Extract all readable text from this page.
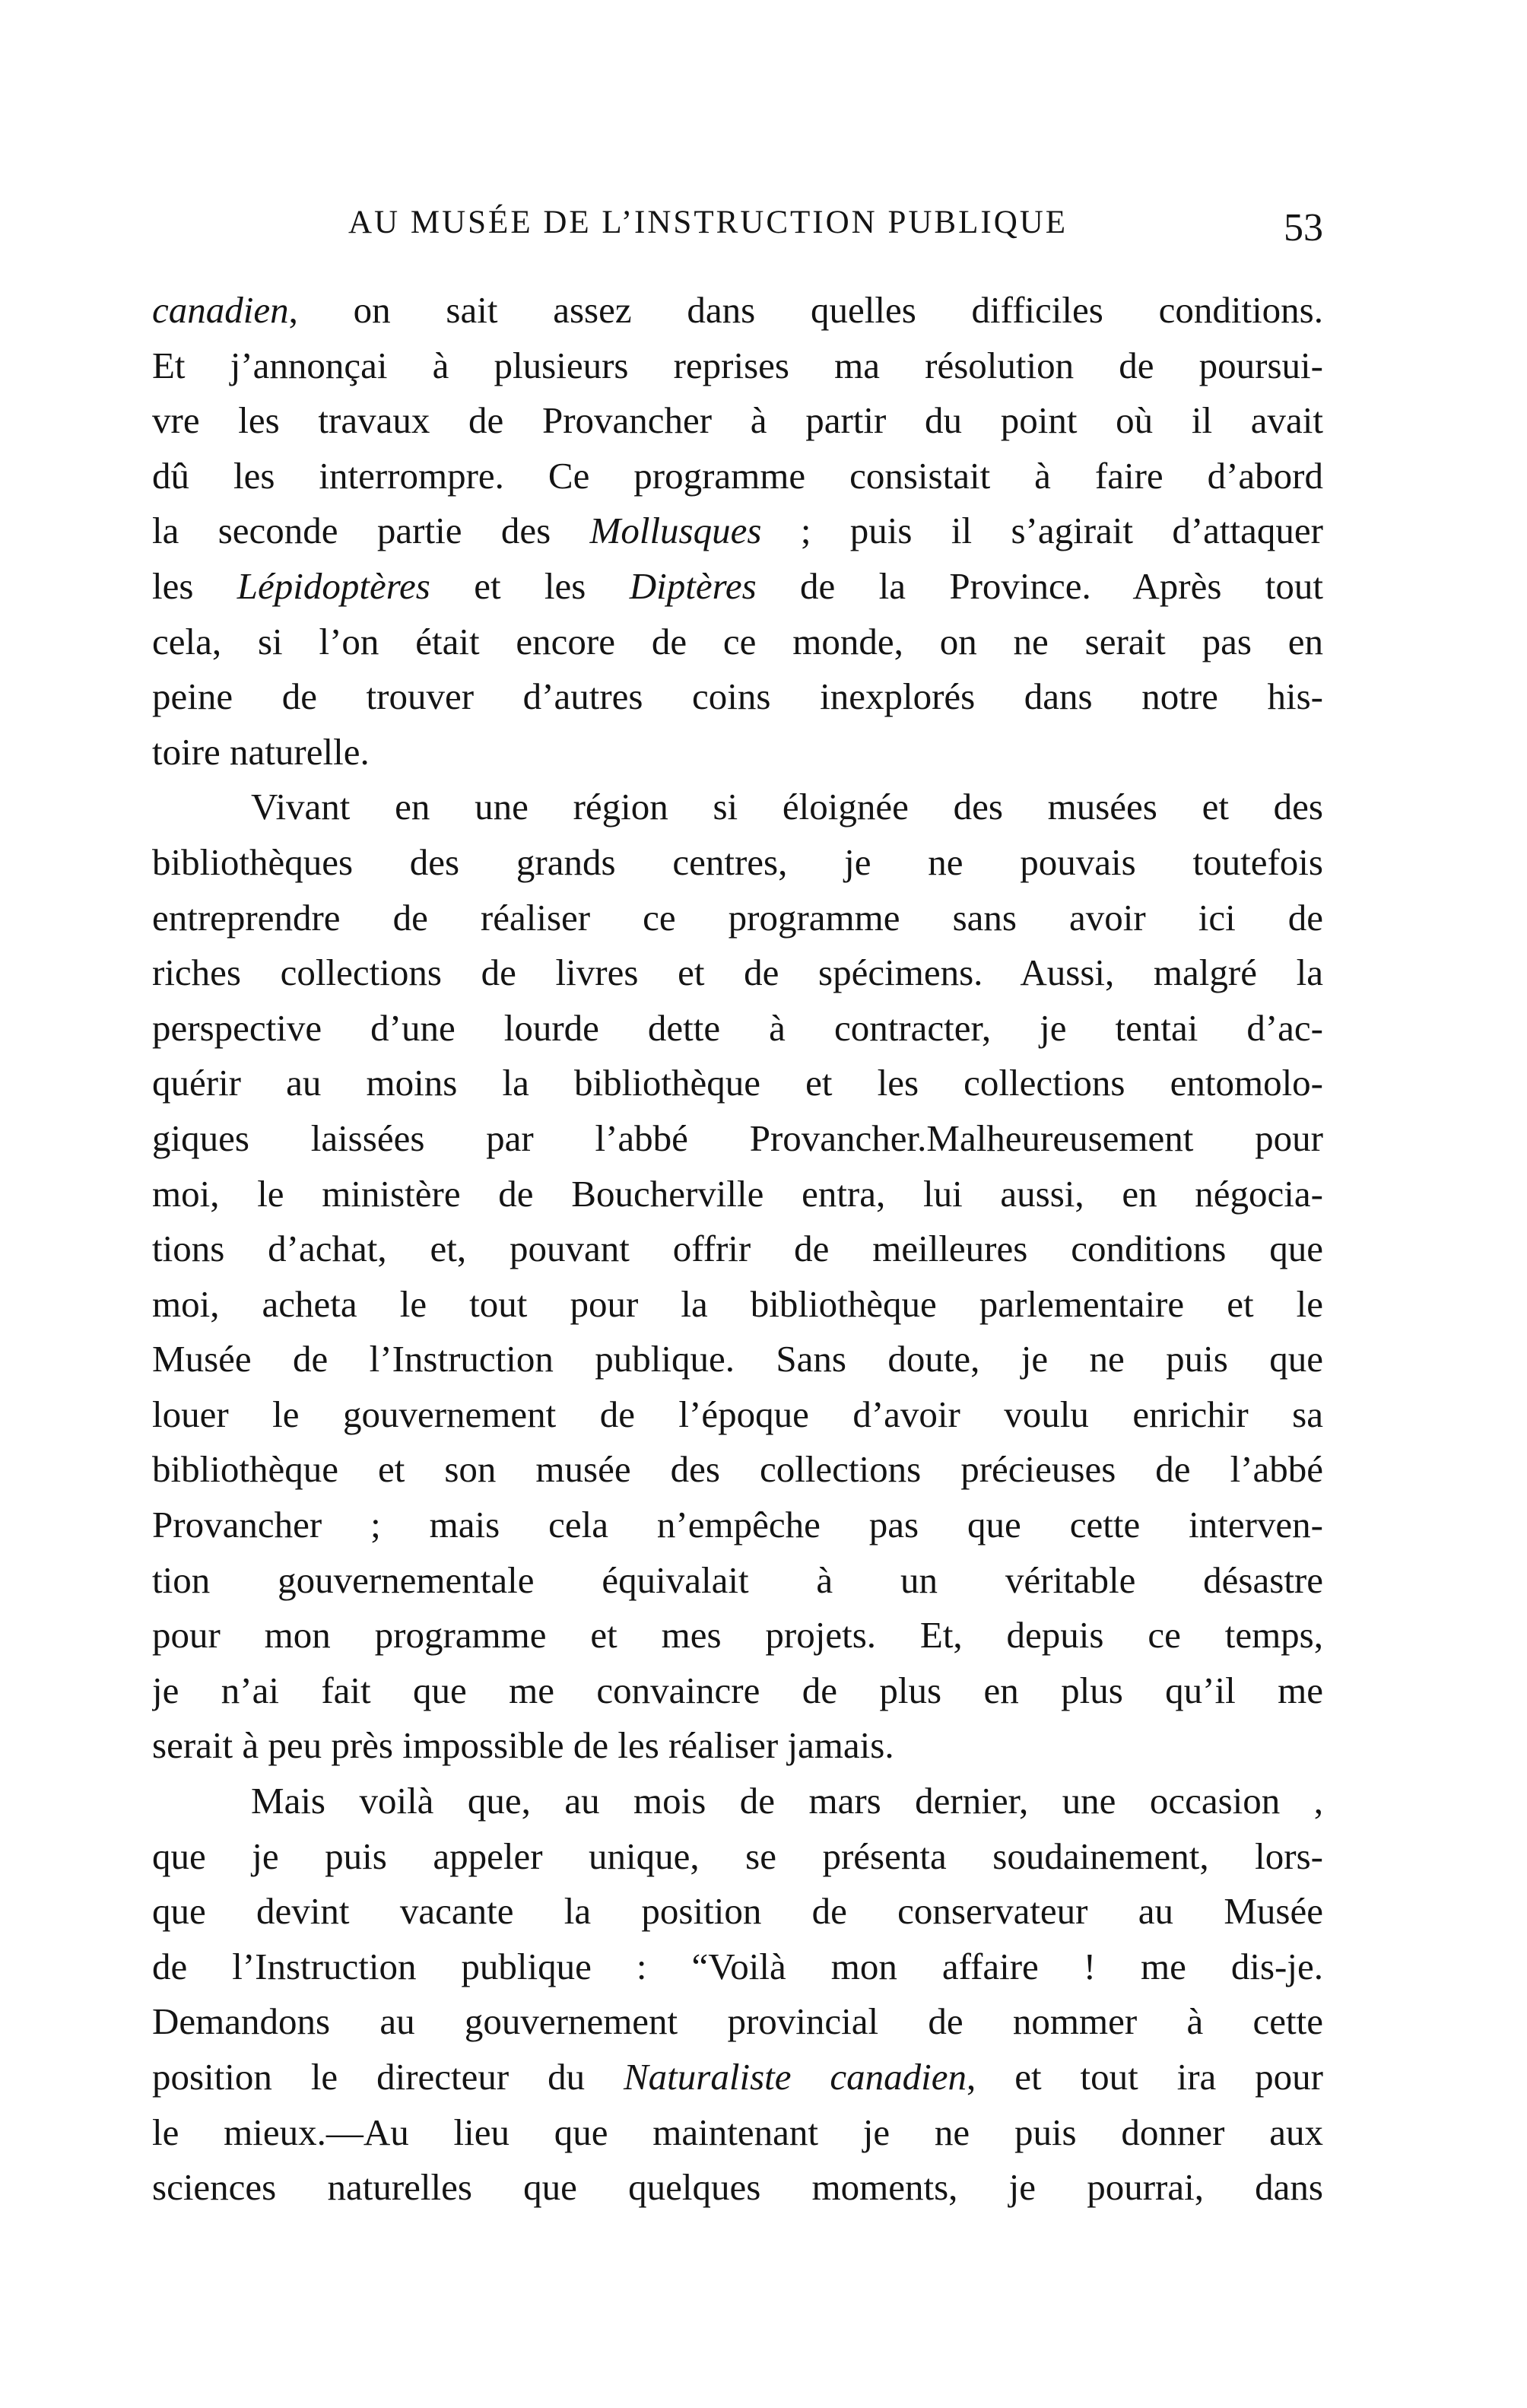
AU MUSÉE DE L’INSTRUCTION PUBLIQUE	53
canadien, on sait assez dans quelles difficiles conditions.
Et j’annonçai à plusieurs reprises ma résolution de poursui-
vre les travaux de Provancher à partir du point où il avait
dû les interrompre. Ce programme consistait à faire d’abord
la seconde partie des Mollusques ; puis il s’agirait d’attaquer
les Lépidoptères et les Diptères de la Province. Après tout
cela, si l’on était encore de ce monde, on ne serait pas en
peine de trouver d’autres coins inexplorés dans notre his-
toire naturelle.
Vivant en une région si éloignée des musées et des
bibliothèques des grands centres, je ne pouvais toutefois
entreprendre de réaliser ce programme sans avoir ici de
riches collections de livres et de spécimens. Aussi, malgré la
perspective d’une lourde dette à contracter, je tentai d’ac-
quérir au moins la bibliothèque et les collections entomolo-
giques laissées par l’abbé Provancher.Malheureusement pour
moi, le ministère de Boucherville entra, lui aussi, en négocia-
tions d’achat, et, pouvant offrir de meilleures conditions que
moi, acheta le tout pour la bibliothèque parlementaire et le
Musée de l’Instruction publique. Sans doute, je ne puis que
louer le gouvernement de l’époque d’avoir voulu enrichir sa
bibliothèque et son musée des collections précieuses de l’abbé
Provancher ; mais cela n’empêche pas que cette interven-
tion gouvernementale équivalait à un véritable désastre
pour mon programme et mes projets. Et, depuis ce temps,
je n’ai fait que me convaincre de plus en plus qu’il me
serait à peu près impossible de les réaliser jamais.
Mais voilà que, au mois de mars dernier, une occasion ,
que je puis appeler unique, se présenta soudainement, lors-
que devint vacante la position de conservateur au Musée
de l’Instruction publique : “Voilà mon affaire ! me dis-je.
Demandons au gouvernement provincial de nommer à cette
position le directeur du Naturaliste canadien, et tout ira pour
le mieux.—Au lieu que maintenant je ne puis donner aux
sciences naturelles que quelques moments, je pourrai, dans
